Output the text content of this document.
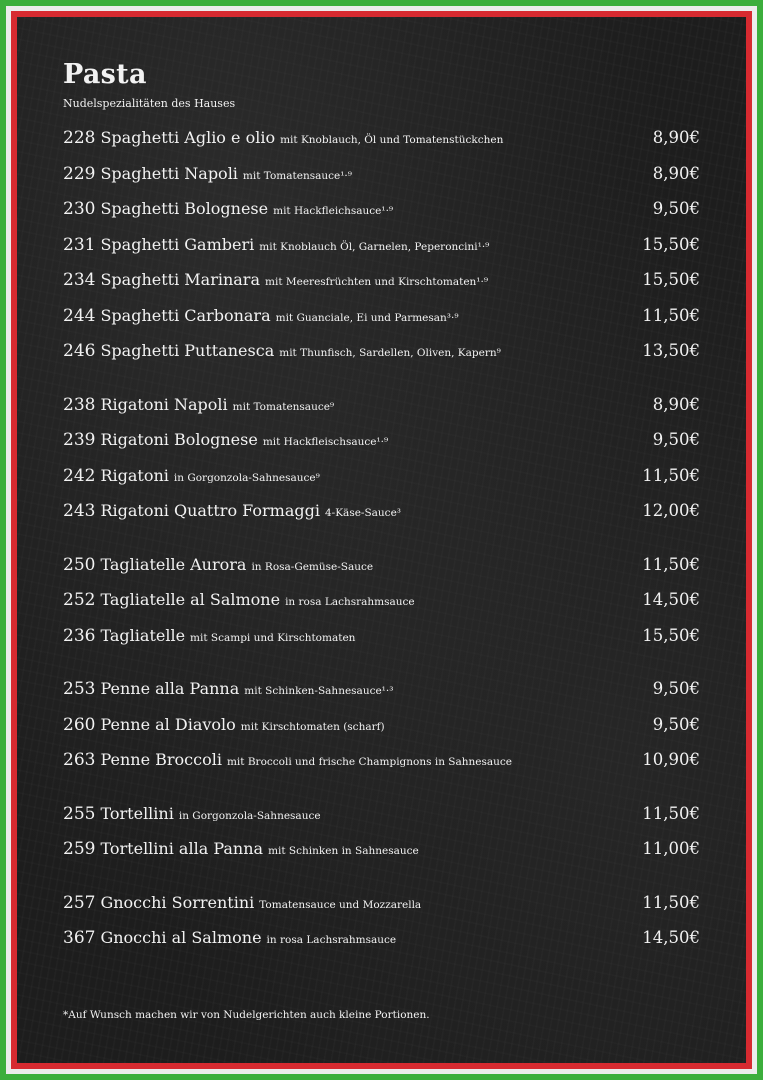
Pasta
Nudelspezialitäten des Hauses
228 Spaghetti Aglio e olio mit Knoblauch, Öl und Tomatenstückchen	8,90€
229 Spaghetti Napoli mit Tomatensauce¹·⁹	8,90€
230 Spaghetti Bolognese mit Hackfleichsauce¹·⁹	9,50€
231 Spaghetti Gamberi mit Knoblauch Öl, Garnelen, Peperoncini¹·⁹	15,50€
234 Spaghetti Marinara mit Meeresfrüchten und Kirschtomaten¹·⁹	15,50€
244 Spaghetti Carbonara mit Guanciale, Ei und Parmesan³·⁹	11,50€
246 Spaghetti Puttanesca mit Thunfisch, Sardellen, Oliven, Kapern⁹	13,50€
238 Rigatoni Napoli mit Tomatensauce⁹	8,90€
239 Rigatoni Bolognese mit Hackfleischsauce¹·⁹	9,50€
242 Rigatoni in Gorgonzola-Sahnesauce⁹	11,50€
243 Rigatoni Quattro Formaggi 4-Käse-Sauce³	12,00€
250 Tagliatelle Aurora in Rosa-Gemüse-Sauce	11,50€
252 Tagliatelle al Salmone in rosa Lachsrahmsauce	14,50€
236 Tagliatelle mit Scampi und Kirschtomaten	15,50€
253 Penne alla Panna mit Schinken-Sahnesauce¹·³	9,50€
260 Penne al Diavolo mit Kirschtomaten (scharf)	9,50€
263 Penne Broccoli mit Broccoli und frische Champignons in Sahnesauce	10,90€
255 Tortellini in Gorgonzola-Sahnesauce	11,50€
259 Tortellini alla Panna mit Schinken in Sahnesauce	11,00€
257 Gnocchi Sorrentini Tomatensauce und Mozzarella	11,50€
367 Gnocchi al Salmone in rosa Lachsrahmsauce	14,50€
*Auf Wunsch machen wir von Nudelgerichten auch kleine Portionen.
